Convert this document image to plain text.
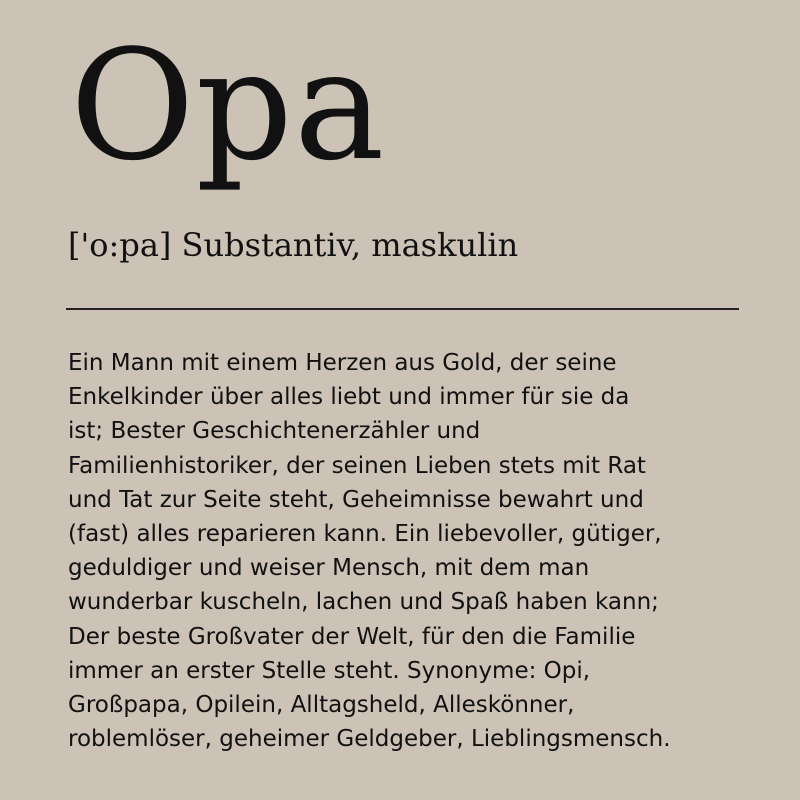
Opa
['o:pa] Substantiv, maskulin

Ein Mann mit einem Herzen aus Gold, der seine
Enkelkinder über alles liebt und immer für sie da
ist; Bester Geschichtenerzähler und
Familienhistoriker, der seinen Lieben stets mit Rat
und Tat zur Seite steht, Geheimnisse bewahrt und
(fast) alles reparieren kann. Ein liebevoller, gütiger,
geduldiger und weiser Mensch, mit dem man
wunderbar kuscheln, lachen und Spaß haben kann;
Der beste Großvater der Welt, für den die Familie
immer an erster Stelle steht. Synonyme: Opi,
Großpapa, Opilein, Alltagsheld, Alleskönner,
roblemlöser, geheimer Geldgeber, Lieblingsmensch.
